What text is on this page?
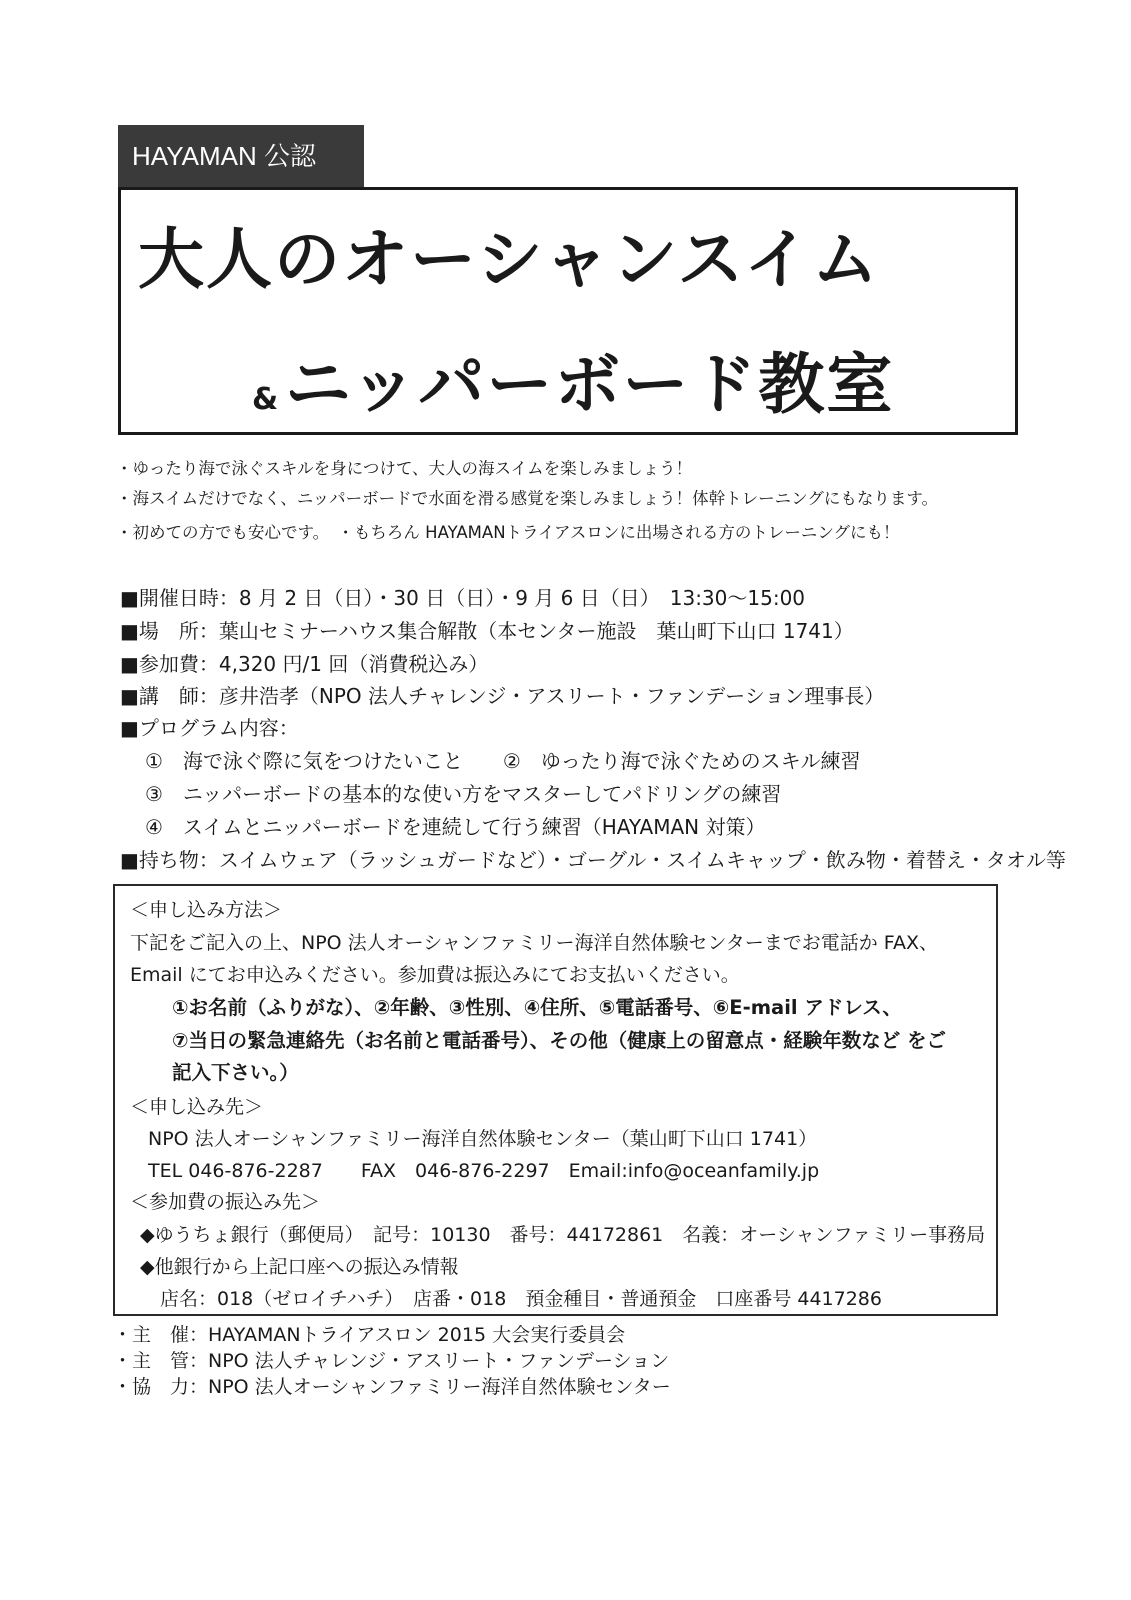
HAYAMAN 公認
大人のオーシャンスイム
& ニッパーボード教室
・ゆったり海で泳ぐスキルを身につけて、大人の海スイムを楽しみましょう！
・海スイムだけでなく、ニッパーボードで水面を滑る感覚を楽しみましょう！体幹トレーニングにもなります。
・初めての方でも安心です。　・もちろん HAYAMANトライアスロンに出場される方のトレーニングにも！
■開催日時：8 月 2 日（日）・30 日（日）・9 月 6 日（日）　13:30～15:00
■場　所：葉山セミナーハウス集合解散（本センター施設　葉山町下山口 1741）
■参加費：4,320 円/1 回（消費税込み）
■講　師：彦井浩孝（NPO 法人チャレンジ・アスリート・ファンデーション理事長）
■プログラム内容：
①　海で泳ぐ際に気をつけたいこと　　②　ゆったり海で泳ぐためのスキル練習
③　ニッパーボードの基本的な使い方をマスターしてパドリングの練習
④　スイムとニッパーボードを連続して行う練習（HAYAMAN 対策）
■持ち物：スイムウェア（ラッシュガードなど）・ゴーグル・スイムキャップ・飲み物・着替え・タオル等
＜申し込み方法＞
下記をご記入の上、NPO 法人オーシャンファミリー海洋自然体験センターまでお電話か FAX、
Email にてお申込みください。参加費は振込みにてお支払いください。
①お名前（ふりがな）、②年齢、③性別、④住所、⑤電話番号、⑥E-mail アドレス、
⑦当日の緊急連絡先（お名前と電話番号）、その他（健康上の留意点・経験年数など をご
記入下さい。）
＜申し込み先＞
NPO 法人オーシャンファミリー海洋自然体験センター（葉山町下山口 1741）
TEL 046-876-2287　　FAX　046-876-2297　Email:info@oceanfamily.jp
＜参加費の振込み先＞
◆ゆうちょ銀行（郵便局）　記号：10130　番号：44172861　名義：オーシャンファミリー事務局
◆他銀行から上記口座への振込み情報
店名：018（ゼロイチハチ）　店番・018　預金種目・普通預金　口座番号 4417286
・主　催：HAYAMANトライアスロン 2015 大会実行委員会
・主　管：NPO 法人チャレンジ・アスリート・ファンデーション
・協　力：NPO 法人オーシャンファミリー海洋自然体験センター
